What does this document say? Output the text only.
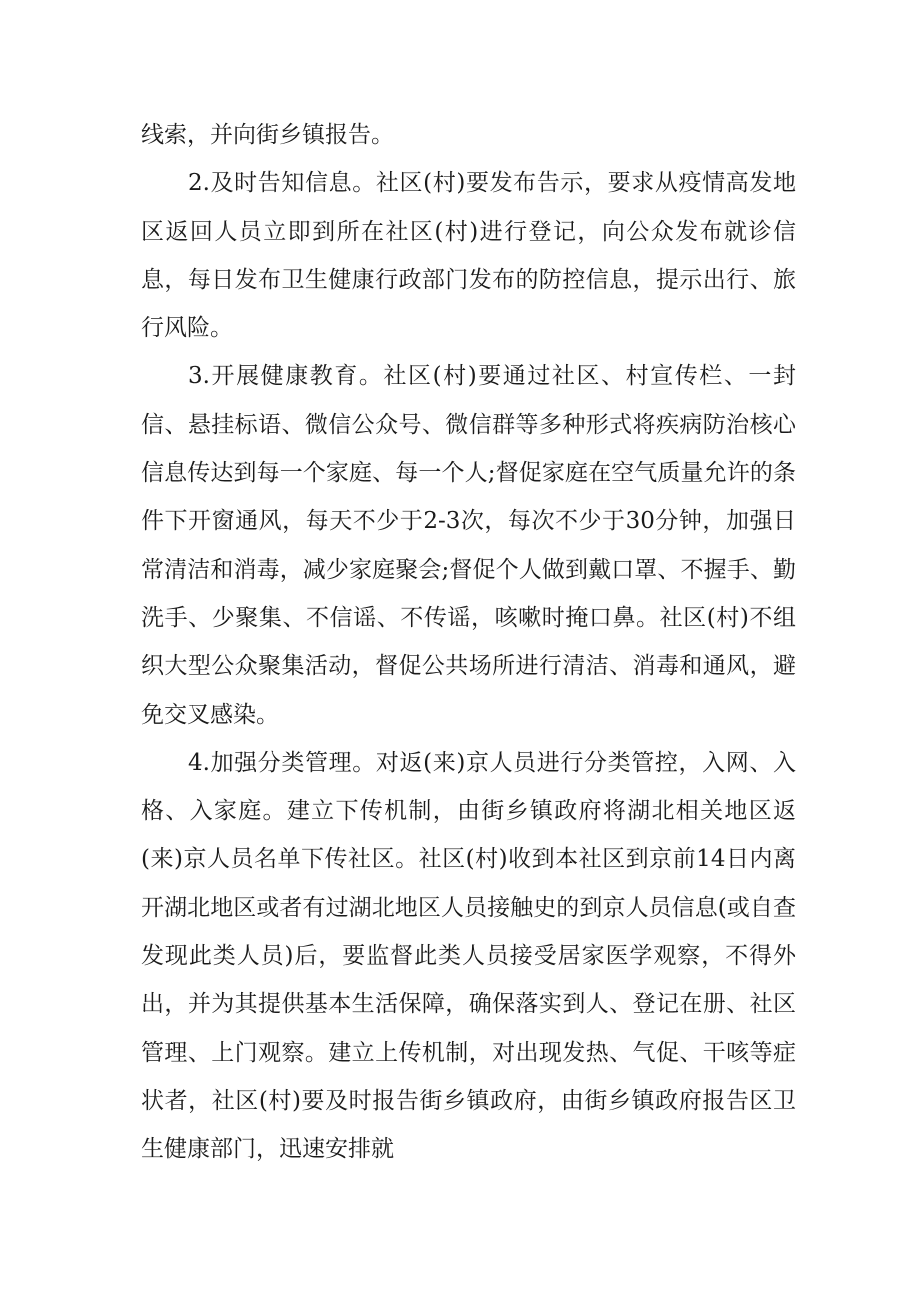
线索，并向街乡镇报告。

2.及时告知信息。社区(村)要发布告示，要求从疫情高发地区返回人员立即到所在社区(村)进行登记，向公众发布就诊信息，每日发布卫生健康行政部门发布的防控信息，提示出行、旅行风险。

3.开展健康教育。社区(村)要通过社区、村宣传栏、一封信、悬挂标语、微信公众号、微信群等多种形式将疾病防治核心信息传达到每一个家庭、每一个人;督促家庭在空气质量允许的条件下开窗通风，每天不少于2-3次，每次不少于30分钟，加强日常清洁和消毒，减少家庭聚会;督促个人做到戴口罩、不握手、勤洗手、少聚集、不信谣、不传谣，咳嗽时掩口鼻。社区(村)不组织大型公众聚集活动，督促公共场所进行清洁、消毒和通风，避免交叉感染。

4.加强分类管理。对返(来)京人员进行分类管控，入网、入格、入家庭。建立下传机制，由街乡镇政府将湖北相关地区返(来)京人员名单下传社区。社区(村)收到本社区到京前14日内离开湖北地区或者有过湖北地区人员接触史的到京人员信息(或自查发现此类人员)后，要监督此类人员接受居家医学观察，不得外出，并为其提供基本生活保障，确保落实到人、登记在册、社区管理、上门观察。建立上传机制，对出现发热、气促、干咳等症状者，社区(村)要及时报告街乡镇政府，由街乡镇政府报告区卫生健康部门，迅速安排就
